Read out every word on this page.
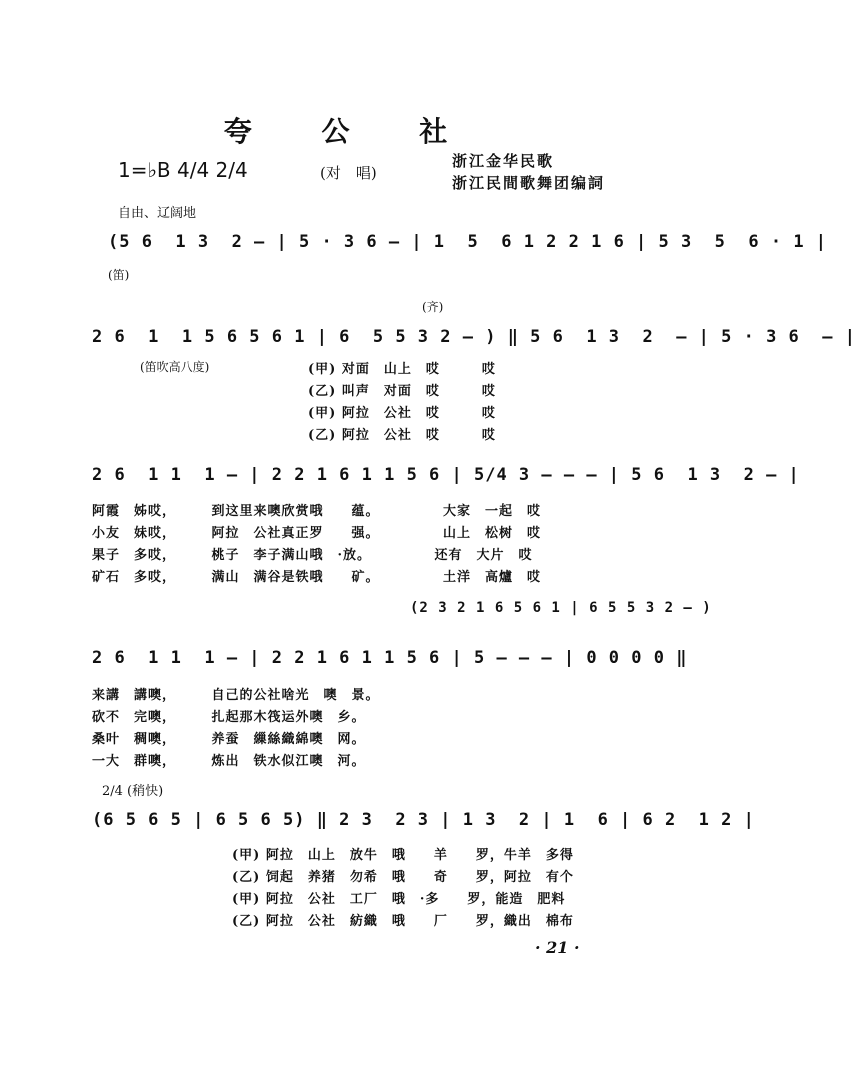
夸 公 社
1=♭B 4/4 2/4	(对　唱)
浙江金华民歌
浙江民間歌舞团编詞
自由、辽阔地
(5 6  1 3  2 — | 5 · 3 6 — | 1  5  6 1 2 2 1 6 | 5 3  5  6 · 1 |
(笛)
(齐)
2 6  1  1 5 6 5 6 1 | 6  5 5 3 2 — ) ‖ 5 6  1 3  2  — | 5 · 3 6  — |
(笛吹高八度)	(甲) 对面　山上　哎　　　哎
(乙) 叫声　对面　哎　　　哎
(甲) 阿拉　公社　哎　　　哎
(乙) 阿拉　公社　哎　　　哎
2 6  1 1  1 — | 2 2 1 6 1 1 5 6 | 5/4 3 — — — | 5 6  1 3  2 — |
阿霞　姊哎，　　　到这里来噢欣赏哦　　蕴。　　　　　大家　一起　哎
小友　妹哎，　　　阿拉　公社真正罗　　强。　　　　　山上　松树　哎
果子　多哎，　　　桃子　李子满山哦　·放。　　　　　还有　大片　哎
矿石　多哎，　　　满山　满谷是铁哦　　矿。　　　　　土洋　高爐　哎
(2 3 2 1 6 5 6 1 | 6 5 5 3 2 — )
2 6  1 1  1 — | 2 2 1 6 1 1 5 6 | 5 — — — | 0 0 0 0 ‖
来講　講噢，　　　自己的公社啥光　噢　景。
砍不　完噢，　　　扎起那木筏运外噢　乡。
桑叶　稠噢，　　　养蚕　繅絲織綿噢　网。
一大　群噢，　　　炼出　铁水似江噢　河。
2/4 (稍快)
(6 5 6 5 | 6 5 6 5) ‖ 2 3  2 3 | 1 3  2 | 1  6 | 6 2  1 2 |
(甲) 阿拉　山上　放牛　哦　　羊　　罗，牛羊　多得
(乙) 饲起　养猪　勿希　哦　　奇　　罗，阿拉　有个
(甲) 阿拉　公社　工厂　哦　·多　　罗，能造　肥料
(乙) 阿拉　公社　紡織　哦　　厂　　罗，織出　棉布
· 21 ·
